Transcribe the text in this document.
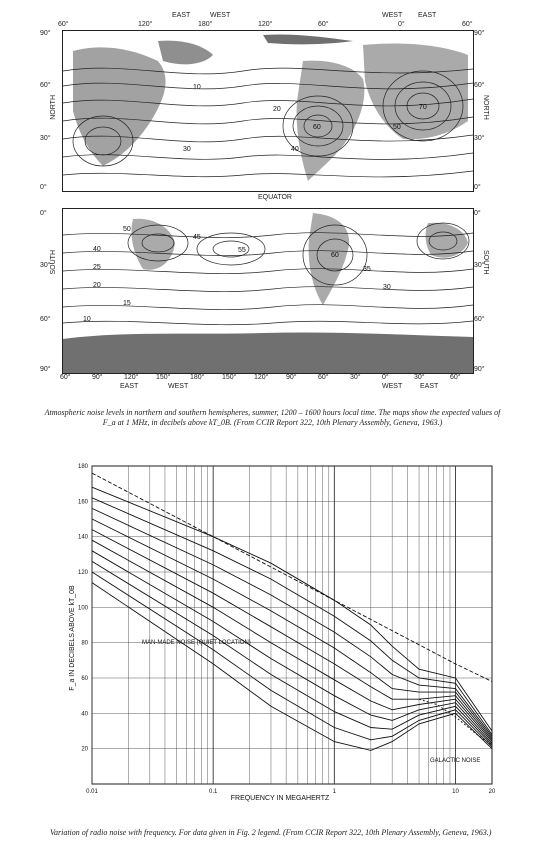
EAST	WEST	WEST EAST
60°	120°	180°	120°	60°	0°	60°
NORTH	NORTH
90°
60°
30°
0°
90°
60°
30°
0°
10
20
30	40
50
60
70
EQUATOR
SOUTH	SOUTH
0°
30°
60°
90°
0°
30°
60°
90°
10
15
20
25
30
35
40
45
50
55
60
60°	90°	120°	150°	180°	150°	120°	90°	60°	30°	0°	30°	60°
EAST	WEST	WEST	EAST
Atmospheric noise levels in northern and southern hemispheres, summer, 1200 – 1600 hours local time. The maps show the expected values of F_a at 1 MHz, in decibels above kT_0B. (From CCIR Report 322, 10th Plenary Assembly, Geneva, 1963.)
180
160
140
120
100
80
60
40
20
0.01	0.1	1	10	20
F_a IN DECIBELS ABOVE kT_0B
FREQUENCY IN MEGAHERTZ
MAN-MADE NOISE (QUIET LOCATION)
GALACTIC NOISE
Variation of radio noise with frequency. For data given in Fig. 2 legend. (From CCIR Report 322, 10th Plenary Assembly, Geneva, 1963.)
